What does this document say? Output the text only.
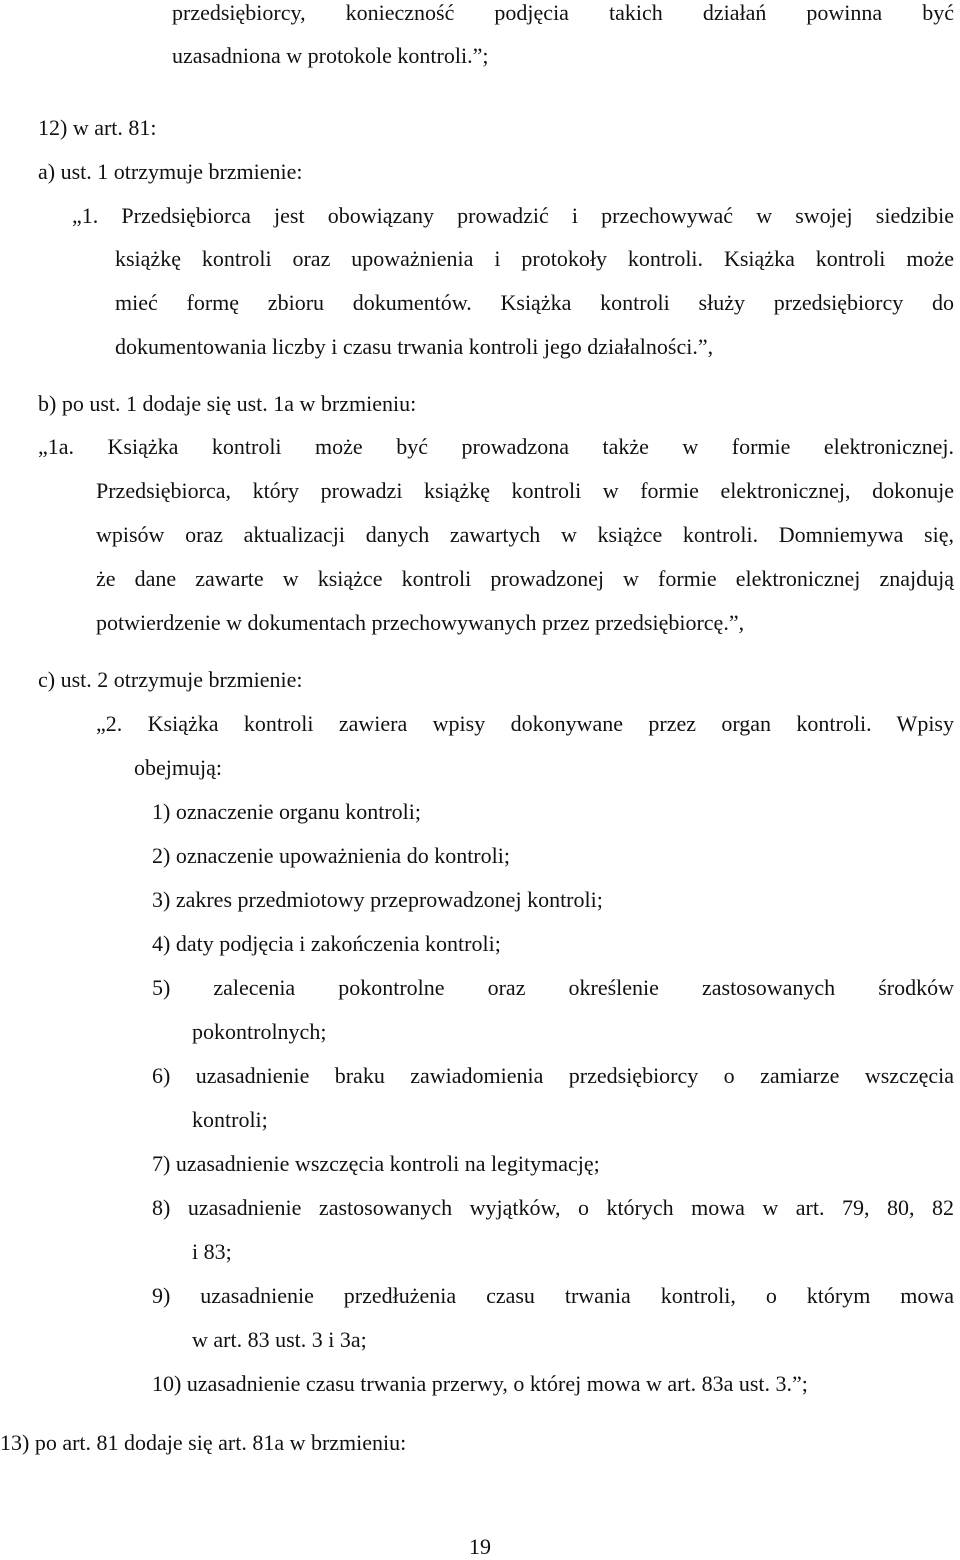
przedsiębiorcy, konieczność podjęcia takich działań powinna być
uzasadniona w protokole kontroli.”;
12) w art. 81:
a) ust. 1 otrzymuje brzmienie:
„1. Przedsiębiorca jest obowiązany prowadzić i przechowywać w swojej siedzibie
książkę kontroli oraz upoważnienia i protokoły kontroli. Książka kontroli może
mieć formę zbioru dokumentów. Książka kontroli służy przedsiębiorcy do
dokumentowania liczby i czasu trwania kontroli jego działalności.”,
b) po ust. 1 dodaje się ust. 1a w brzmieniu:
„1a. Książka kontroli może być prowadzona także w formie elektronicznej.
Przedsiębiorca, który prowadzi książkę kontroli w formie elektronicznej, dokonuje
wpisów oraz aktualizacji danych zawartych w książce kontroli. Domniemywa się,
że dane zawarte w książce kontroli prowadzonej w formie elektronicznej znajdują
potwierdzenie w dokumentach przechowywanych przez przedsiębiorcę.”,
c) ust. 2 otrzymuje brzmienie:
„2. Książka kontroli zawiera wpisy dokonywane przez organ kontroli. Wpisy
obejmują:
1) oznaczenie organu kontroli;
2) oznaczenie upoważnienia do kontroli;
3) zakres przedmiotowy przeprowadzonej kontroli;
4) daty podjęcia i zakończenia kontroli;
5) zalecenia pokontrolne oraz określenie zastosowanych środków
pokontrolnych;
6) uzasadnienie braku zawiadomienia przedsiębiorcy o zamiarze wszczęcia
kontroli;
7) uzasadnienie wszczęcia kontroli na legitymację;
8) uzasadnienie zastosowanych wyjątków, o których mowa w art. 79, 80, 82
i 83;
9) uzasadnienie przedłużenia czasu trwania kontroli, o którym mowa
w art. 83 ust. 3 i 3a;
10) uzasadnienie czasu trwania przerwy, o której mowa w art. 83a ust. 3.”;
13) po art. 81 dodaje się art. 81a w brzmieniu:
19
